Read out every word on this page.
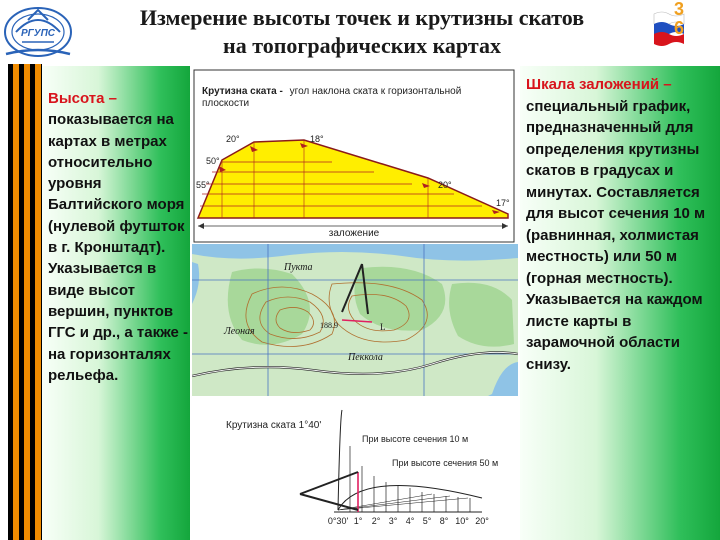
РГУПС
Измерение высоты точек и крутизны скатов
на топографических картах
3
6
Высота – показывается на картах в метрах относительно уровня Балтийского моря (нулевой футшток в г. Кронштадт). Указывается в виде высот вершин, пунктов ГГС и др., а также - на горизонталях рельефа.
Крутизна ската - угол наклона ската к горизонтальной
плоскости
20°	18°
50°
55°	20°
17°
заложение
Пукта
Леоная
Пеккола
188.9	L
Крутизна ската 1°40'
При высоте сечения 10 м
При высоте сечения 50 м
0°30' 1° 2° 3° 4° 5° 8° 10° 20°
Шкала заложений – специальный график, предназначенный для определения крутизны скатов в градусах и минутах. Составляется для высот сечения 10 м (равнинная, холмистая местность) или 50 м (горная местность). Указывается на каждом листе карты в зарамочной области снизу.
